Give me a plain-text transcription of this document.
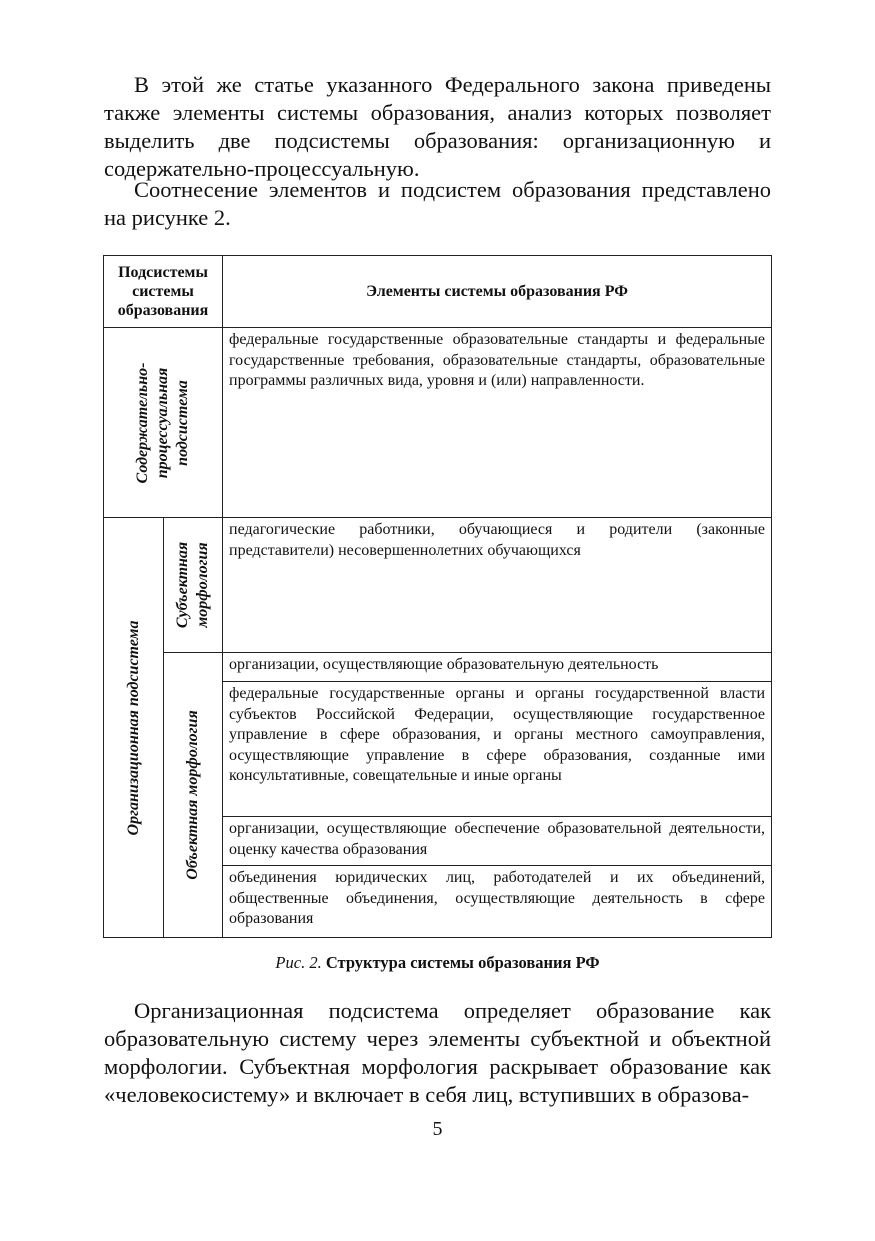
В этой же статье указанного Федерального закона приведены также элементы системы образования, анализ которых позволяет выделить две подсистемы образования: организационную и содержательно-процессуальную.

Соотнесение элементов и подсистем образования представлено на рисунке 2.

Подсистемы системы образования		Элементы системы образования РФ

Содержательно- процессуальная подсистема		федеральные государственные образовательные стандарты и федеральные государственные требования, образовательные стандарты, образовательные программы различных вида, уровня и (или) направленности.

Организационная подсистема	Субъектная морфология	педагогические работники, обучающиеся и родители (законные представители) несовершеннолетних обучающихся

	Объектная морфология	организации, осуществляющие образовательную деятельность

		федеральные государственные органы и органы государственной власти субъектов Российской Федерации, осуществляющие государственное управление в сфере образования, и органы местного самоуправления, осуществляющие управление в сфере образования, созданные ими консультативные, совещательные и иные органы

		организации, осуществляющие обеспечение образовательной деятельности, оценку качества образования

		объединения юридических лиц, работодателей и их объединений, общественные объединения, осуществляющие деятельность в сфере образования
Рис. 2. Структура системы образования РФ

Организационная подсистема определяет образование как образовательную систему через элементы субъектной и объектной морфологии. Субъектная морфология раскрывает образование как «человекосистему» и включает в себя лиц, вступивших в образова-

5
